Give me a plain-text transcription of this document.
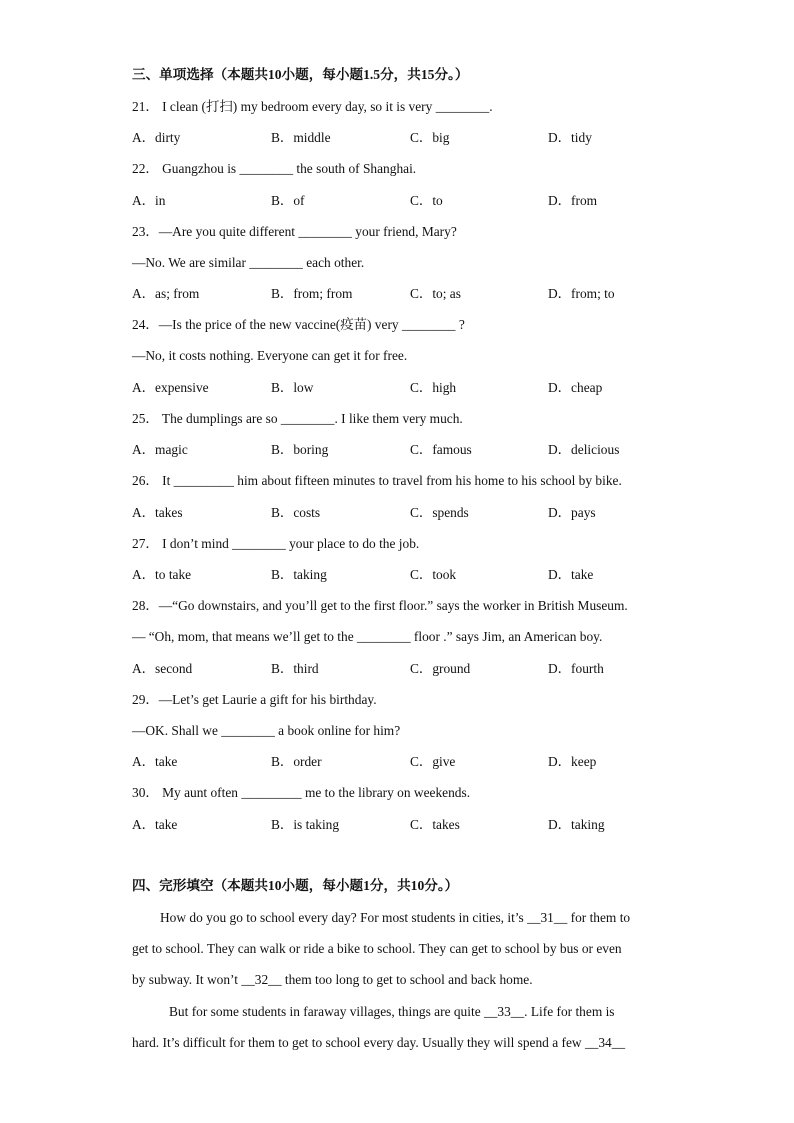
三、单项选择（本题共10小题，每小题1.5分，共15分。）
21． I clean (打扫) my bedroom every day, so it is very ________.
A．dirty	B．middle	C．big	D．tidy
22． Guangzhou is ________ the south of Shanghai.
A．in	B．of	C．to	D．from
23．—Are you quite different ________ your friend, Mary?
—No. We are similar ________ each other.
A．as; from	B．from; from	C．to; as	D．from; to
24．—Is the price of the new vaccine(疫苗) very ________ ?
—No, it costs nothing. Everyone can get it for free.
A．expensive	B．low	C．high	D．cheap
25． The dumplings are so ________. I like them very much.
A．magic	B．boring	C．famous	D．delicious
26． It _________ him about fifteen minutes to travel from his home to his school by bike.
A．takes	B．costs	C．spends	D．pays
27． I don’t mind ________ your place to do the job.
A．to take	B．taking	C．took	D．take
28．—“Go downstairs, and you’ll get to the first floor.” says the worker in British Museum.
— “Oh, mom, that means we’ll get to the ________ floor .” says Jim, an American boy.
A．second	B．third	C．ground	D．fourth
29．—Let’s get Laurie a gift for his birthday.
—OK. Shall we ________ a book online for him?
A．take	B．order	C．give	D．keep
30． My aunt often _________ me to the library on weekends.
A．take	B．is taking	C．takes	D．taking
四、完形填空（本题共10小题，每小题1分，共10分。）
How do you go to school every day? For most students in cities, it’s __31__ for them to
get to school. They can walk or ride a bike to school. They can get to school by bus or even
by subway. It won’t __32__ them too long to get to school and back home.
But for some students in faraway villages, things are quite __33__. Life for them is
hard. It’s difficult for them to get to school every day. Usually they will spend a few __34__
